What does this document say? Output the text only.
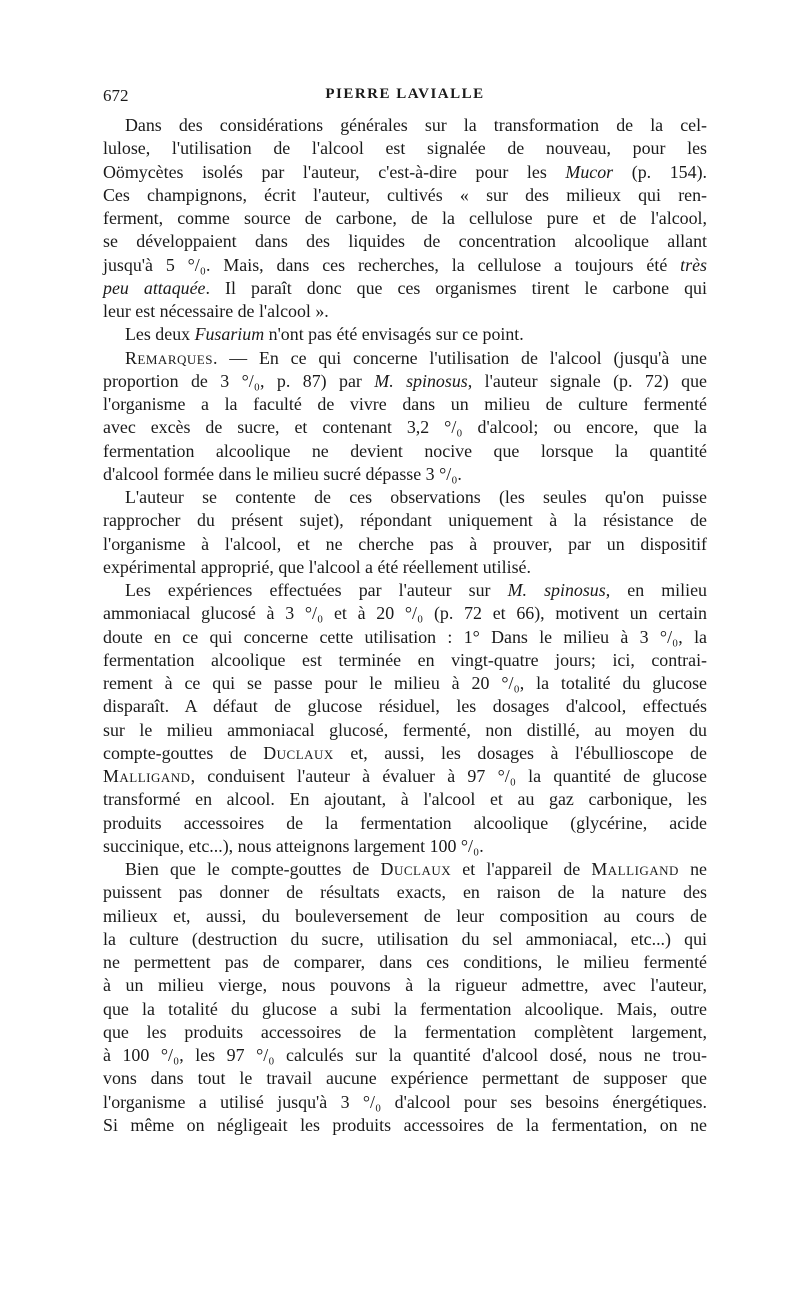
672	PIERRE LAVIALLE
Dans des considérations générales sur la transformation de la cel-
lulose, l'utilisation de l'alcool est signalée de nouveau, pour les
Oömycètes isolés par l'auteur, c'est-à-dire pour les Mucor (p. 154).
Ces champignons, écrit l'auteur, cultivés « sur des milieux qui ren-
ferment, comme source de carbone, de la cellulose pure et de l'alcool,
se développaient dans des liquides de concentration alcoolique allant
jusqu'à 5 °/₀. Mais, dans ces recherches, la cellulose a toujours été très
peu attaquée. Il paraît donc que ces organismes tirent le carbone qui
leur est nécessaire de l'alcool ».
Les deux Fusarium n'ont pas été envisagés sur ce point.
Remarques. — En ce qui concerne l'utilisation de l'alcool (jusqu'à une
proportion de 3 °/₀, p. 87) par M. spinosus, l'auteur signale (p. 72) que
l'organisme a la faculté de vivre dans un milieu de culture fermenté
avec excès de sucre, et contenant 3,2 °/₀ d'alcool; ou encore, que la
fermentation alcoolique ne devient nocive que lorsque la quantité
d'alcool formée dans le milieu sucré dépasse 3 °/₀.
L'auteur se contente de ces observations (les seules qu'on puisse
rapprocher du présent sujet), répondant uniquement à la résistance de
l'organisme à l'alcool, et ne cherche pas à prouver, par un dispositif
expérimental approprié, que l'alcool a été réellement utilisé.
Les expériences effectuées par l'auteur sur M. spinosus, en milieu
ammoniacal glucosé à 3 °/₀ et à 20 °/₀ (p. 72 et 66), motivent un certain
doute en ce qui concerne cette utilisation : 1° Dans le milieu à 3 °/₀, la
fermentation alcoolique est terminée en vingt-quatre jours; ici, contrai-
rement à ce qui se passe pour le milieu à 20 °/₀, la totalité du glucose
disparaît. A défaut de glucose résiduel, les dosages d'alcool, effectués
sur le milieu ammoniacal glucosé, fermenté, non distillé, au moyen du
compte-gouttes de Duclaux et, aussi, les dosages à l'ébullioscope de
Malligand, conduisent l'auteur à évaluer à 97 °/₀ la quantité de glucose
transformé en alcool. En ajoutant, à l'alcool et au gaz carbonique, les
produits accessoires de la fermentation alcoolique (glycérine, acide
succinique, etc...), nous atteignons largement 100 °/₀.
Bien que le compte-gouttes de Duclaux et l'appareil de Malligand ne
puissent pas donner de résultats exacts, en raison de la nature des
milieux et, aussi, du bouleversement de leur composition au cours de
la culture (destruction du sucre, utilisation du sel ammoniacal, etc...) qui
ne permettent pas de comparer, dans ces conditions, le milieu fermenté
à un milieu vierge, nous pouvons à la rigueur admettre, avec l'auteur,
que la totalité du glucose a subi la fermentation alcoolique. Mais, outre
que les produits accessoires de la fermentation complètent largement,
à 100 °/₀, les 97 °/₀ calculés sur la quantité d'alcool dosé, nous ne trou-
vons dans tout le travail aucune expérience permettant de supposer que
l'organisme a utilisé jusqu'à 3 °/₀ d'alcool pour ses besoins énergétiques.
Si même on négligeait les produits accessoires de la fermentation, on ne
